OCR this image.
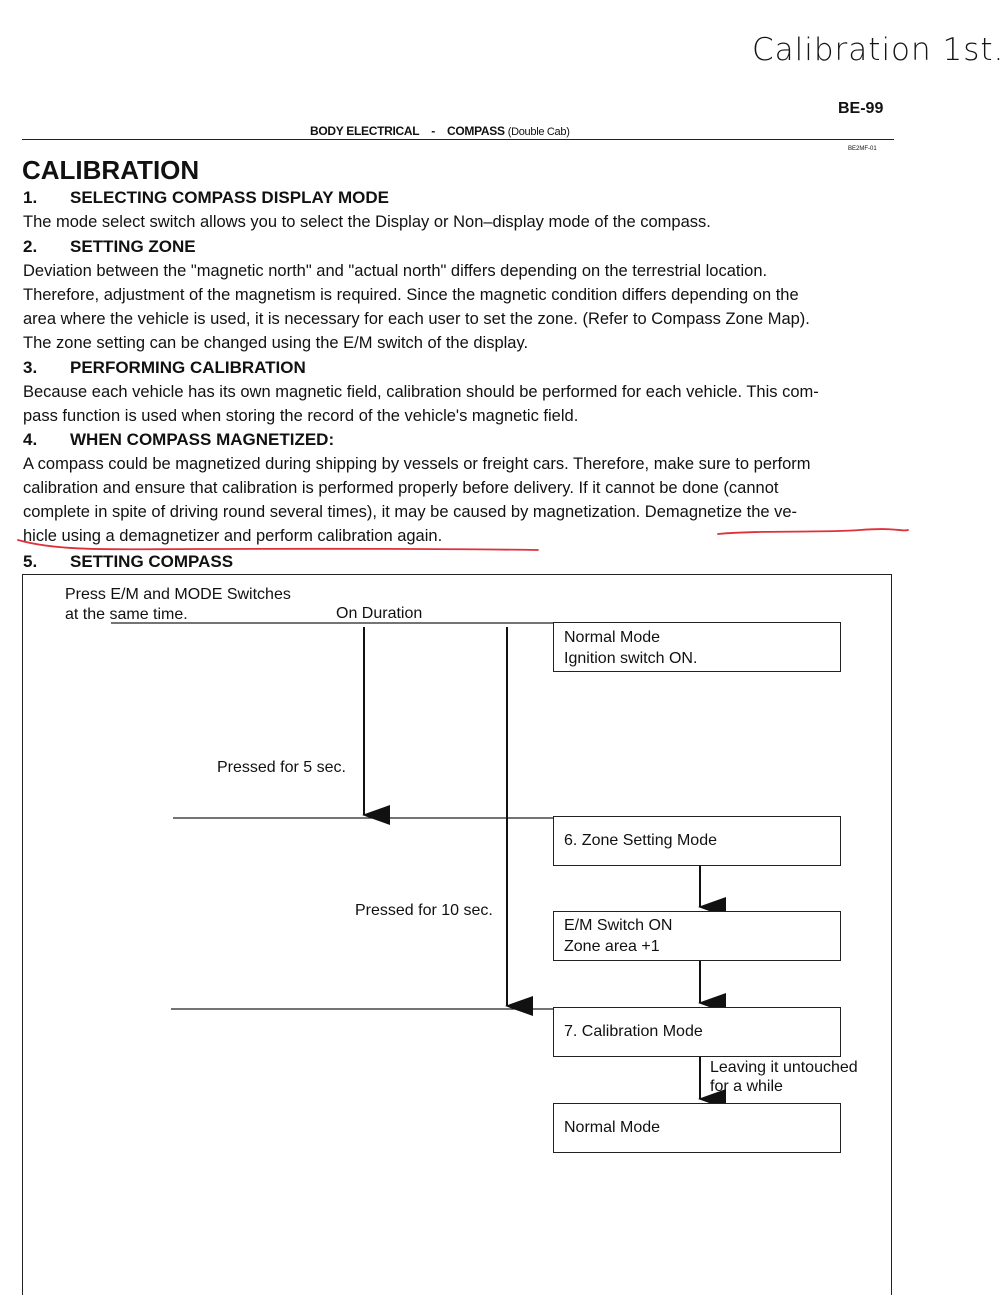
Calibration 1st.
BE-99
BODY ELECTRICAL - COMPASS (Double Cab)
BE2MF-01
CALIBRATION
1. SELECTING COMPASS DISPLAY MODE
The mode select switch allows you to select the Display or Non–display mode of the compass.
2. SETTING ZONE
Deviation between the "magnetic north" and "actual north" differs depending on the terrestrial location.
Therefore, adjustment of the magnetism is required. Since the magnetic condition differs depending on the
area where the vehicle is used, it is necessary for each user to set the zone. (Refer to Compass Zone Map).
The zone setting can be changed using the E/M switch of the display.
3. PERFORMING CALIBRATION
Because each vehicle has its own magnetic field, calibration should be performed for each vehicle. This com-
pass function is used when storing the record of the vehicle's magnetic field.
4. WHEN COMPASS MAGNETIZED:
A compass could be magnetized during shipping by vessels or freight cars. Therefore, make sure to perform
calibration and ensure that calibration is performed properly before delivery. If it cannot be done (cannot
complete in spite of driving round several times), it may be caused by magnetization. Demagnetize the ve-
hicle using a demagnetizer and perform calibration again.
5. SETTING COMPASS
Press E/M and MODE Switches
at the same time.	On Duration
Pressed for 5 sec.
Pressed for 10 sec.
Normal Mode
Ignition switch ON.
6. Zone Setting Mode
E/M Switch ON
Zone area +1
7. Calibration Mode
Leaving it untouched
for a while
Normal Mode
